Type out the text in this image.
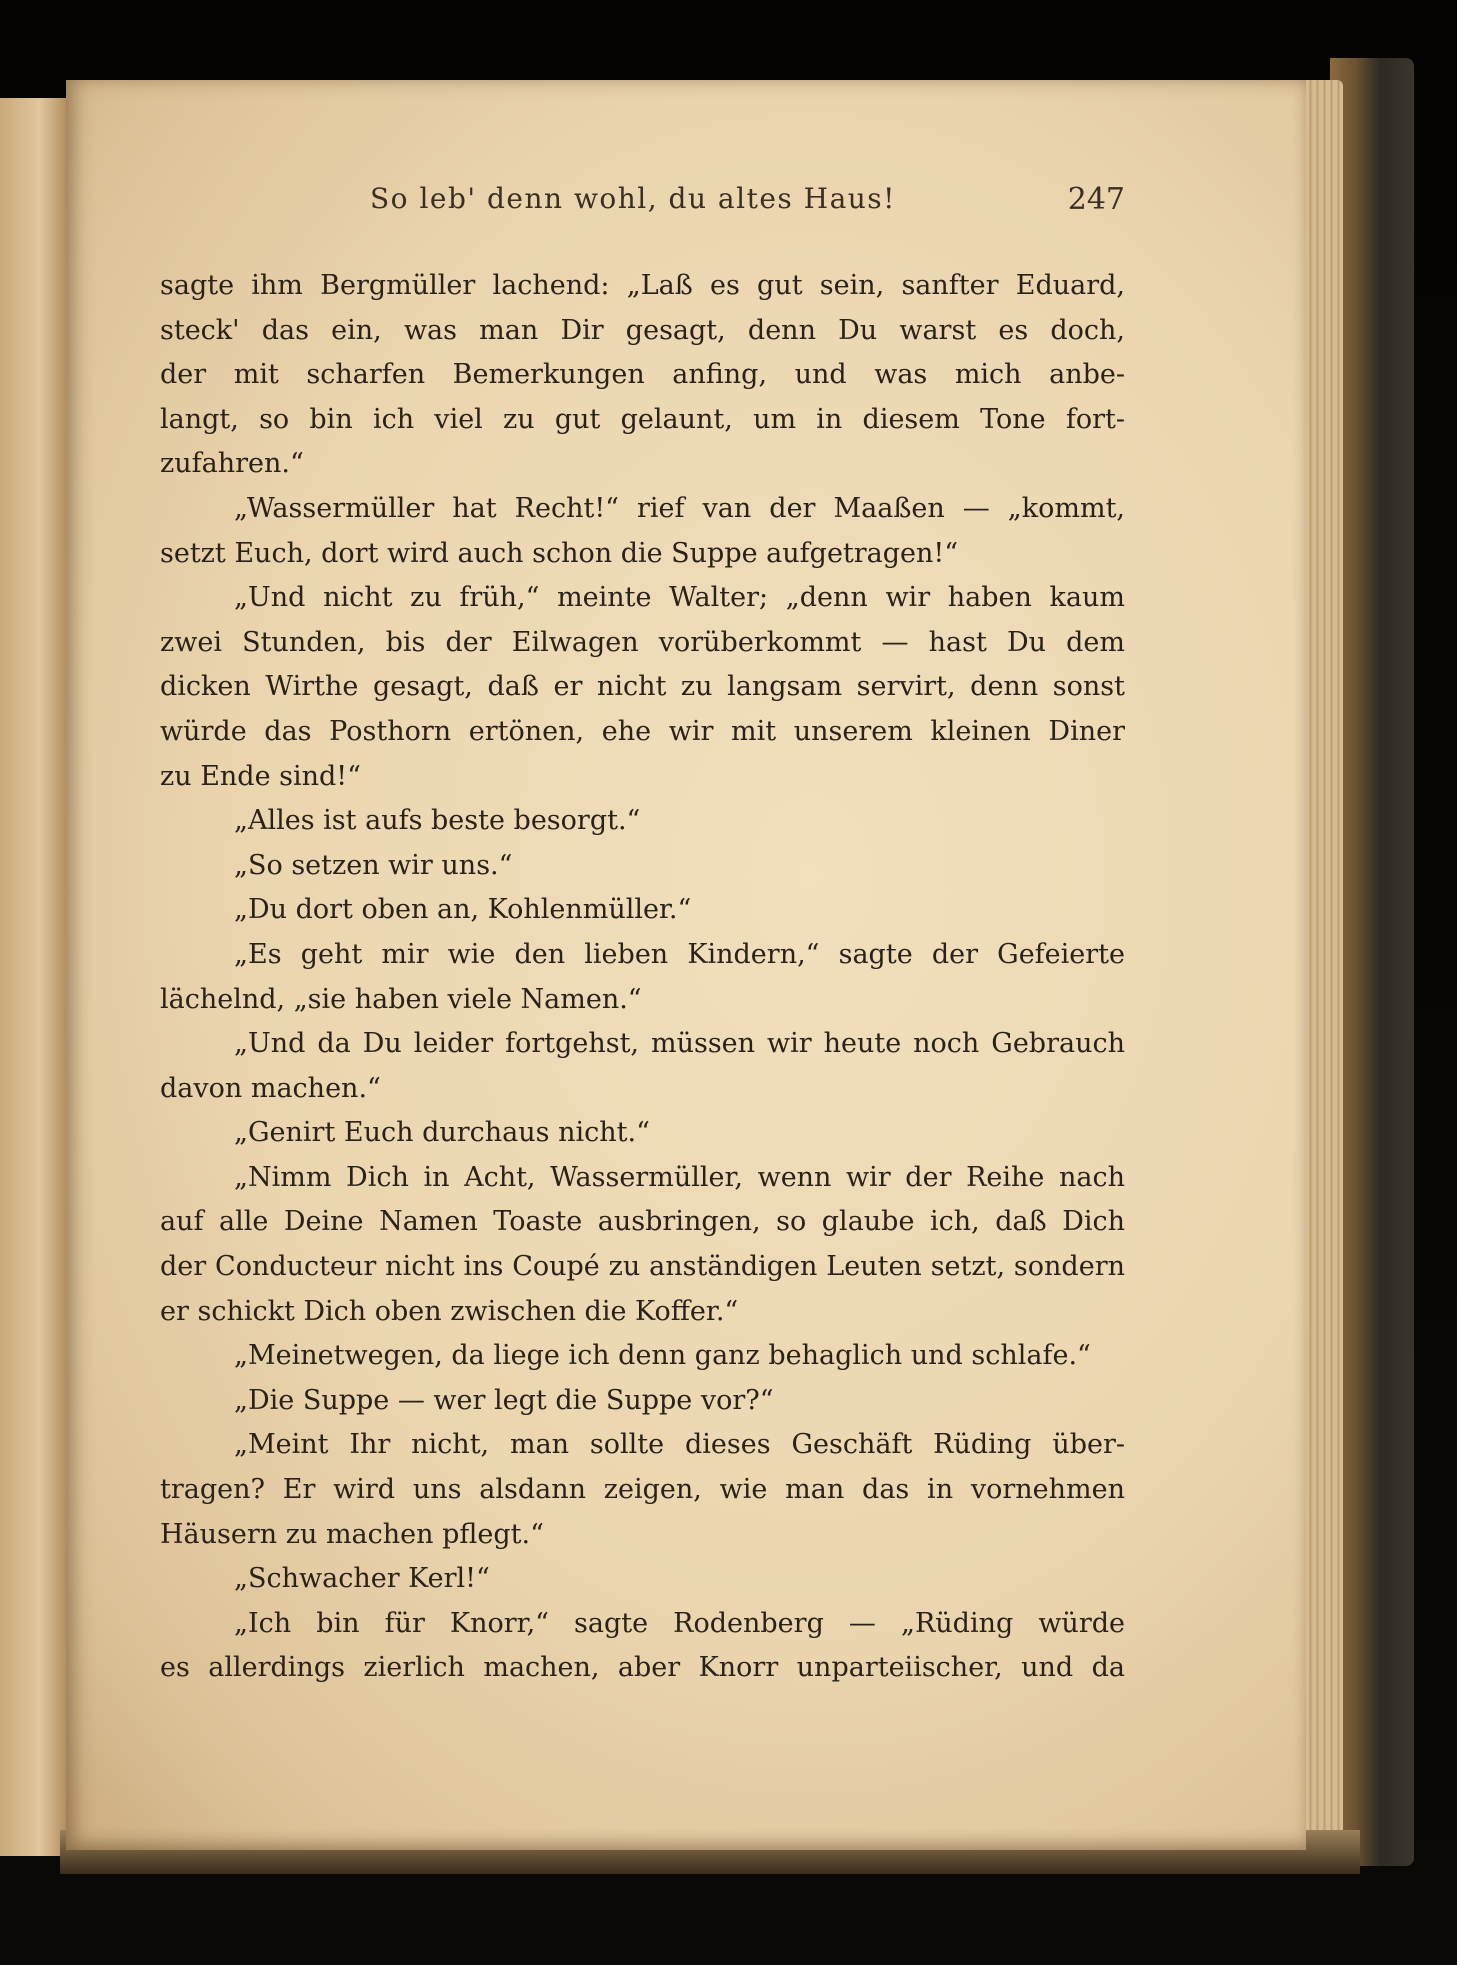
So leb' denn wohl, du altes Haus!	247
sagte ihm Bergmüller lachend: „Laß es gut sein, sanfter Eduard,
steck' das ein, was man Dir gesagt, denn Du warst es doch,
der mit scharfen Bemerkungen anfing, und was mich anbe-
langt, so bin ich viel zu gut gelaunt, um in diesem Tone fort-
zufahren.“
„Wassermüller hat Recht!“ rief van der Maaßen — „kommt,
setzt Euch, dort wird auch schon die Suppe aufgetragen!“
„Und nicht zu früh,“ meinte Walter; „denn wir haben kaum
zwei Stunden, bis der Eilwagen vorüberkommt — hast Du dem
dicken Wirthe gesagt, daß er nicht zu langsam servirt, denn sonst
würde das Posthorn ertönen, ehe wir mit unserem kleinen Diner
zu Ende sind!“
„Alles ist aufs beste besorgt.“
„So setzen wir uns.“
„Du dort oben an, Kohlenmüller.“
„Es geht mir wie den lieben Kindern,“ sagte der Gefeierte
lächelnd, „sie haben viele Namen.“
„Und da Du leider fortgehst, müssen wir heute noch Gebrauch
davon machen.“
„Genirt Euch durchaus nicht.“
„Nimm Dich in Acht, Wassermüller, wenn wir der Reihe nach
auf alle Deine Namen Toaste ausbringen, so glaube ich, daß Dich
der Conducteur nicht ins Coupé zu anständigen Leuten setzt, sondern
er schickt Dich oben zwischen die Koffer.“
„Meinetwegen, da liege ich denn ganz behaglich und schlafe.“
„Die Suppe — wer legt die Suppe vor?“
„Meint Ihr nicht, man sollte dieses Geschäft Rüding über-
tragen? Er wird uns alsdann zeigen, wie man das in vornehmen
Häusern zu machen pflegt.“
„Schwacher Kerl!“
„Ich bin für Knorr,“ sagte Rodenberg — „Rüding würde
es allerdings zierlich machen, aber Knorr unparteiischer, und da
